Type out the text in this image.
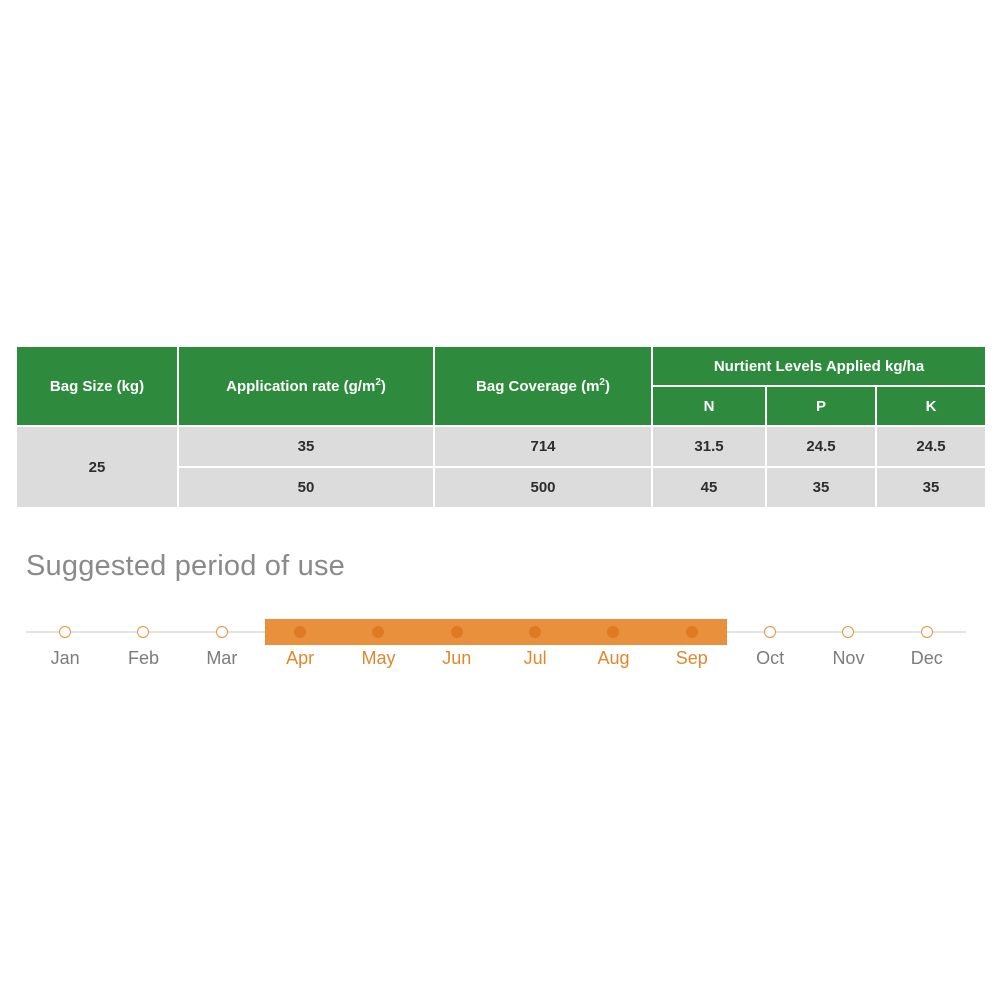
Bag Size (kg)	Application rate $(g/m^2)$	Bag Coverage $(m^2)$	Nurtient Levels Applied kg/ha		
			N	P	K
25	35	714	31.5	24.5	24.5
	50	500	45	35	35
Suggested period of use
Jan	Feb	Mar	Apr	May	Jun	Jul	Aug	Sep	Oct	Nov	Dec
